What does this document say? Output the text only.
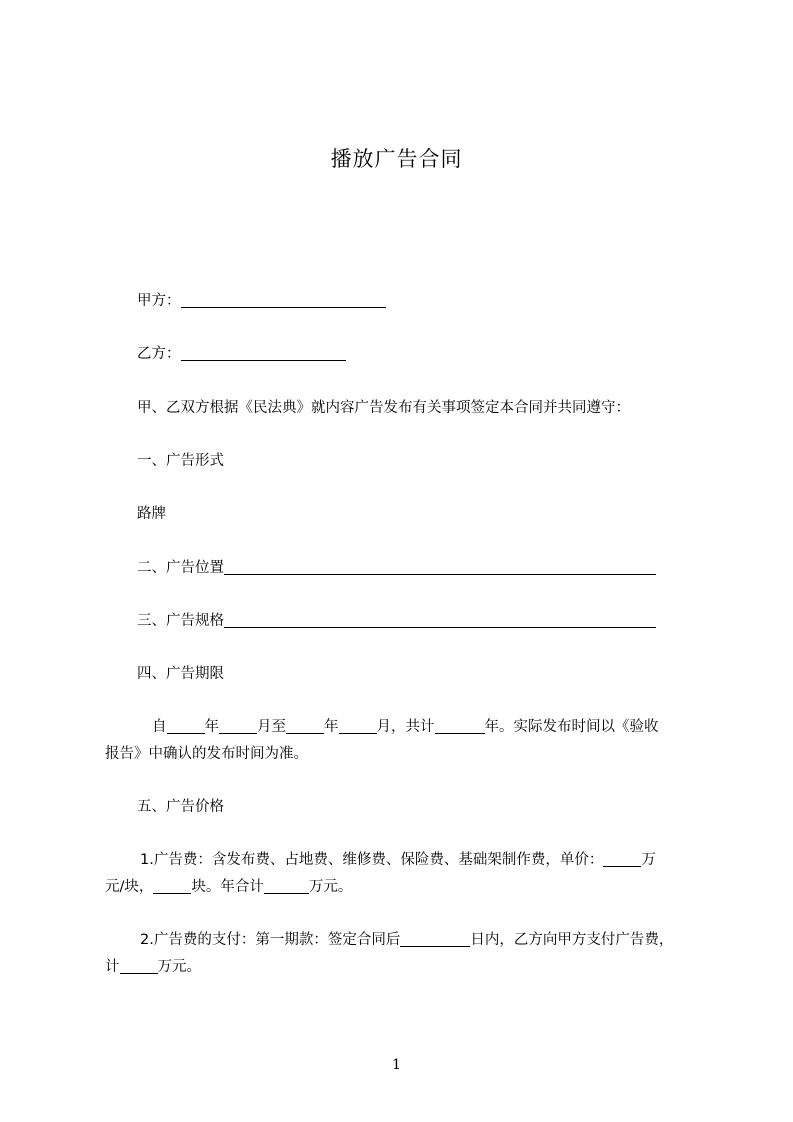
播放广告合同
甲方：
乙方：
甲、乙双方根据《民法典》就内容广告发布有关事项签定本合同并共同遵守：
一、广告形式
路牌
二、广告位置
三、广告规格
四、广告期限
自	年	月至	年	月，共计	年。实际发布时间以《验收
报告》中确认的发布时间为准。
五、广告价格
1.广告费：含发布费、占地费、维修费、保险费、基础架制作费，单价：	万
元/块，	块。年合计	万元。
2.广告费的支付：第一期款：签定合同后	日内，乙方向甲方支付广告费，
计	万元。
1
